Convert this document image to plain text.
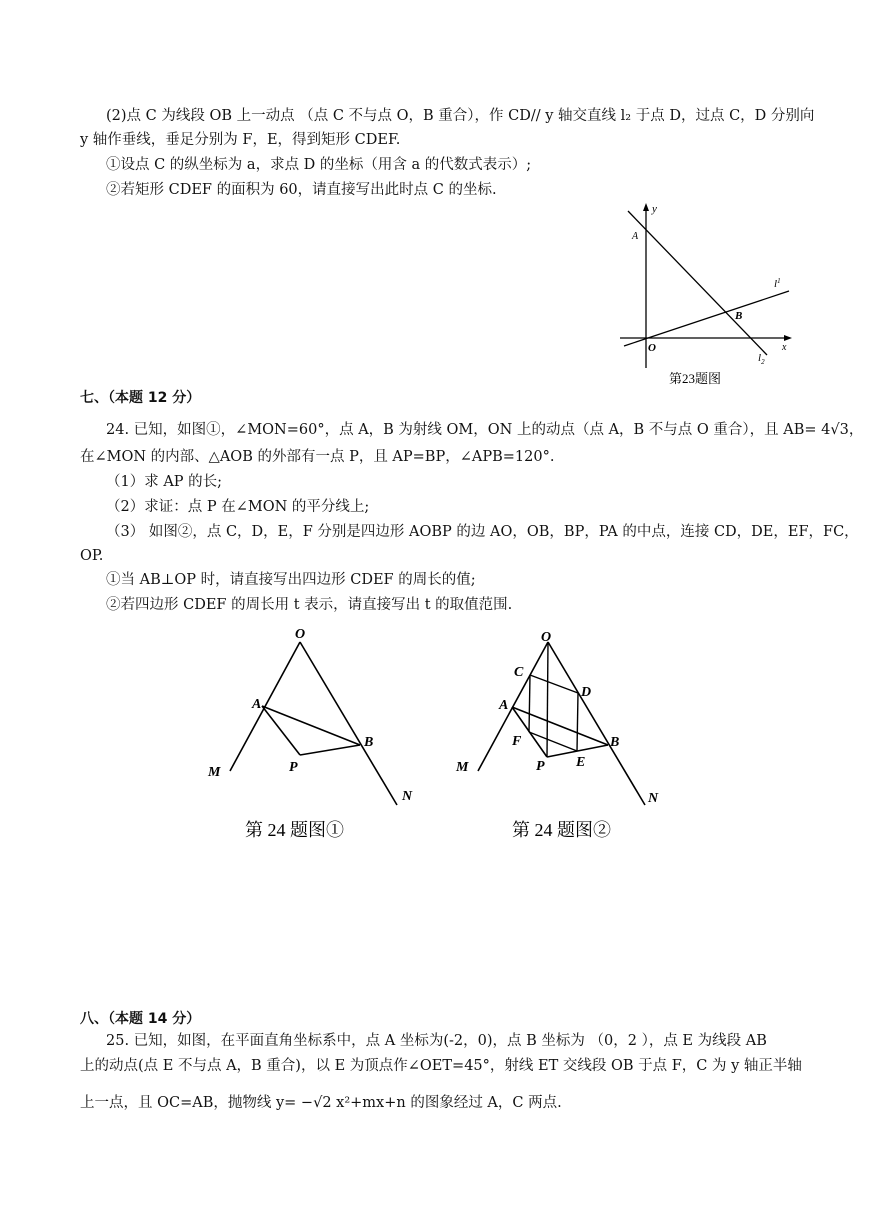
(2)点 C 为线段 OB 上一动点 （点 C 不与点 O，B 重合），作 CD// y 轴交直线 l₂ 于点 D，过点 C，D 分别向
y 轴作垂线，垂足分别为 F，E，得到矩形 CDEF.
①设点 C 的纵坐标为 a，求点 D 的坐标（用含 a 的代数式表示）;
②若矩形 CDEF 的面积为 60，请直接写出此时点 C 的坐标.
y
x
A
B
O
$l^1$
$l_2$
第23题图
七、（本题 12 分）
24. 已知，如图①，∠MON=60°，点 A，B 为射线 OM，ON 上的动点（点 A，B 不与点 O 重合），且 AB= 4√3，
在∠MON 的内部、△AOB 的外部有一点 P，且 AP=BP，∠APB=120°.
（1）求 AP 的长;
（2）求证：点 P 在∠MON 的平分线上;
（3） 如图②，点 C，D，E，F 分别是四边形 AOBP 的边 AO，OB，BP，PA 的中点，连接 CD，DE，EF，FC，
OP.
①当 AB⊥OP 时，请直接写出四边形 CDEF 的周长的值;
②若四边形 CDEF 的周长用 t 表示，请直接写出 t 的取值范围.
O
A
B
P
M
N
第 24 题图①
O
C
D
A
F	B
P E
M
N
第 24 题图②
八、（本题 14 分）
25. 已知，如图，在平面直角坐标系中，点 A 坐标为(-2，0)，点 B 坐标为 （0，2 ），点 E 为线段 AB
上的动点(点 E 不与点 A，B 重合)，以 E 为顶点作∠OET=45°，射线 ET 交线段 OB 于点 F，C 为 y 轴正半轴
上一点，且 OC=AB，抛物线 y= −√2 x²+mx+n 的图象经过 A，C 两点.
